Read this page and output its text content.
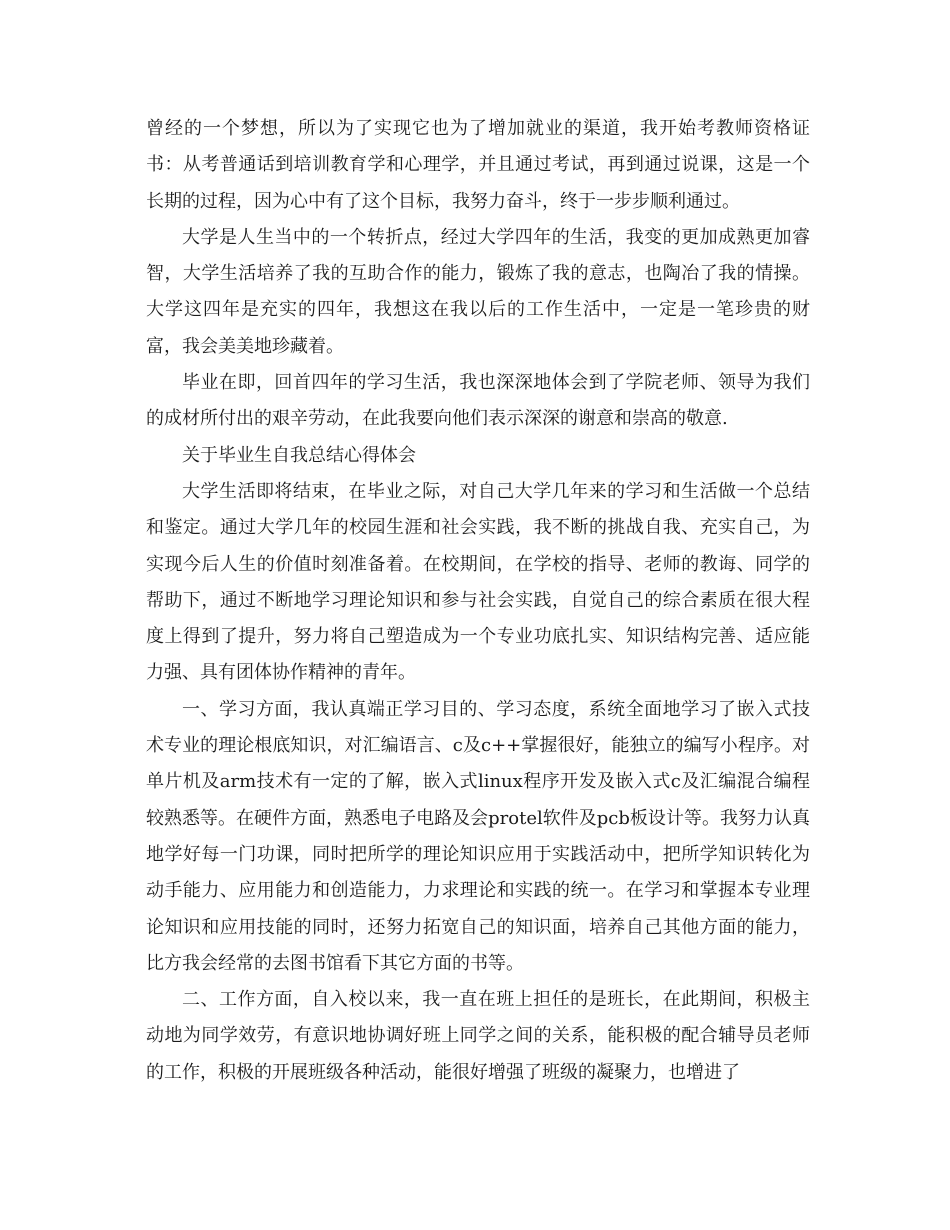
曾经的一个梦想，所以为了实现它也为了增加就业的渠道，我开始考教师资格证书：从考普通话到培训教育学和心理学，并且通过考试，再到通过说课，这是一个长期的过程，因为心中有了这个目标，我努力奋斗，终于一步步顺利通过。

大学是人生当中的一个转折点，经过大学四年的生活，我变的更加成熟更加睿智，大学生活培养了我的互助合作的能力，锻炼了我的意志，也陶冶了我的情操。大学这四年是充实的四年，我想这在我以后的工作生活中，一定是一笔珍贵的财富，我会美美地珍藏着。

毕业在即，回首四年的学习生活，我也深深地体会到了学院老师、领导为我们的成材所付出的艰辛劳动，在此我要向他们表示深深的谢意和崇高的敬意.

关于毕业生自我总结心得体会

大学生活即将结束，在毕业之际，对自己大学几年来的学习和生活做一个总结和鉴定。通过大学几年的校园生涯和社会实践，我不断的挑战自我、充实自己，为实现今后人生的价值时刻准备着。在校期间，在学校的指导、老师的教诲、同学的帮助下，通过不断地学习理论知识和参与社会实践，自觉自己的综合素质在很大程度上得到了提升，努力将自己塑造成为一个专业功底扎实、知识结构完善、适应能力强、具有团体协作精神的青年。

一、学习方面，我认真端正学习目的、学习态度，系统全面地学习了嵌入式技术专业的理论根底知识，对汇编语言、c及c++掌握很好，能独立的编写小程序。对单片机及arm技术有一定的了解，嵌入式linux程序开发及嵌入式c及汇编混合编程较熟悉等。在硬件方面，熟悉电子电路及会protel软件及pcb板设计等。我努力认真地学好每一门功课，同时把所学的理论知识应用于实践活动中，把所学知识转化为动手能力、应用能力和创造能力，力求理论和实践的统一。在学习和掌握本专业理论知识和应用技能的同时，还努力拓宽自己的知识面，培养自己其他方面的能力，比方我会经常的去图书馆看下其它方面的书等。

二、工作方面，自入校以来，我一直在班上担任的是班长，在此期间，积极主动地为同学效劳，有意识地协调好班上同学之间的关系，能积极的配合辅导员老师的工作，积极的开展班级各种活动，能很好增强了班级的凝聚力，也增进了
